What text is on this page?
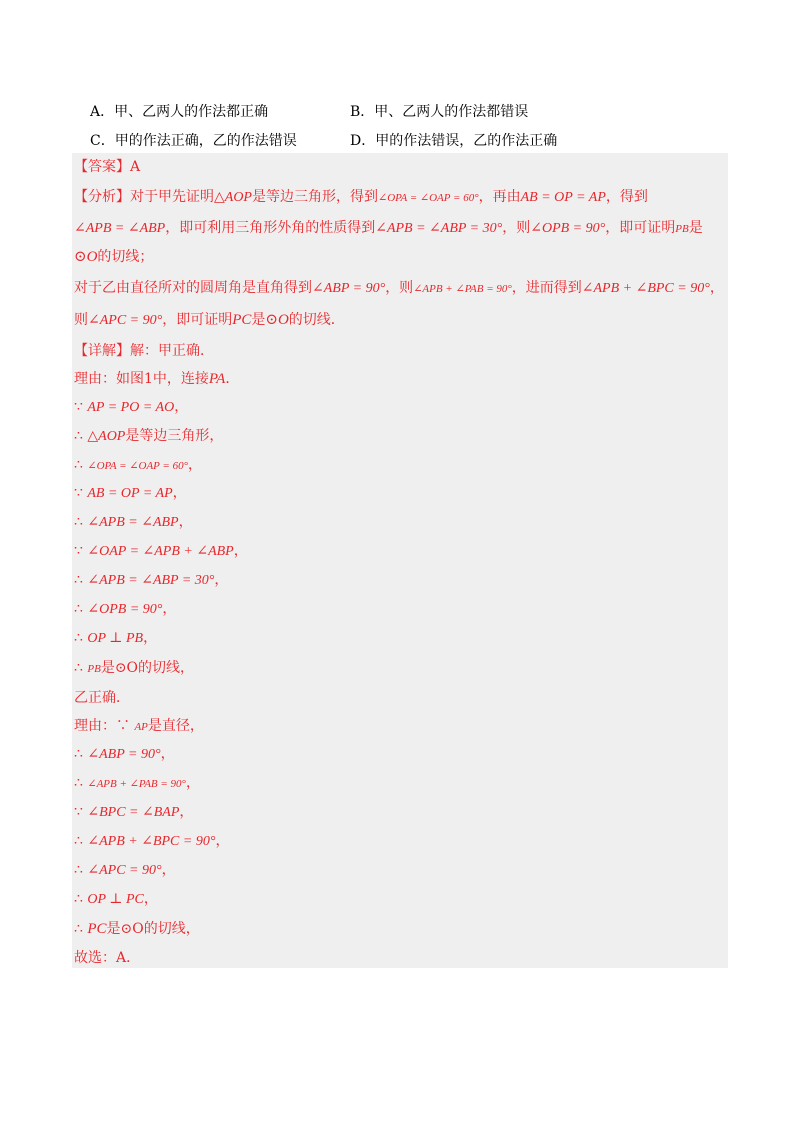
A．甲、乙两人的作法都正确	B．甲、乙两人的作法都错误
C．甲的作法正确，乙的作法错误	D．甲的作法错误，乙的作法正确
【答案】A
【分析】对于甲先证明△AOP是等边三角形，得到∠OPA = ∠OAP = 60°，再由AB = OP = AP，得到
∠APB = ∠ABP，即可利用三角形外角的性质得到∠APB = ∠ABP = 30°，则∠OPB = 90°，即可证明PB是
⊙O的切线；
对于乙由直径所对的圆周角是直角得到∠ABP = 90°，则∠APB + ∠PAB = 90°，进而得到∠APB + ∠BPC = 90°，
则∠APC = 90°，即可证明PC是⊙O的切线．
【详解】解：甲正确．
理由：如图1中，连接PA．
∵ AP = PO = AO，
∴ △AOP是等边三角形，
∴ ∠OPA = ∠OAP = 60°，
∵ AB = OP = AP，
∴ ∠APB = ∠ABP，
∵ ∠OAP = ∠APB + ∠ABP，
∴ ∠APB = ∠ABP = 30°，
∴ ∠OPB = 90°，
∴ OP ⊥ PB，
∴ PB是⊙O的切线，
乙正确．
理由：∵ AP是直径，
∴ ∠ABP = 90°，
∴ ∠APB + ∠PAB = 90°，
∵ ∠BPC = ∠BAP，
∴ ∠APB + ∠BPC = 90°，
∴ ∠APC = 90°，
∴ OP ⊥ PC，
∴ PC是⊙O的切线，
故选：A．
